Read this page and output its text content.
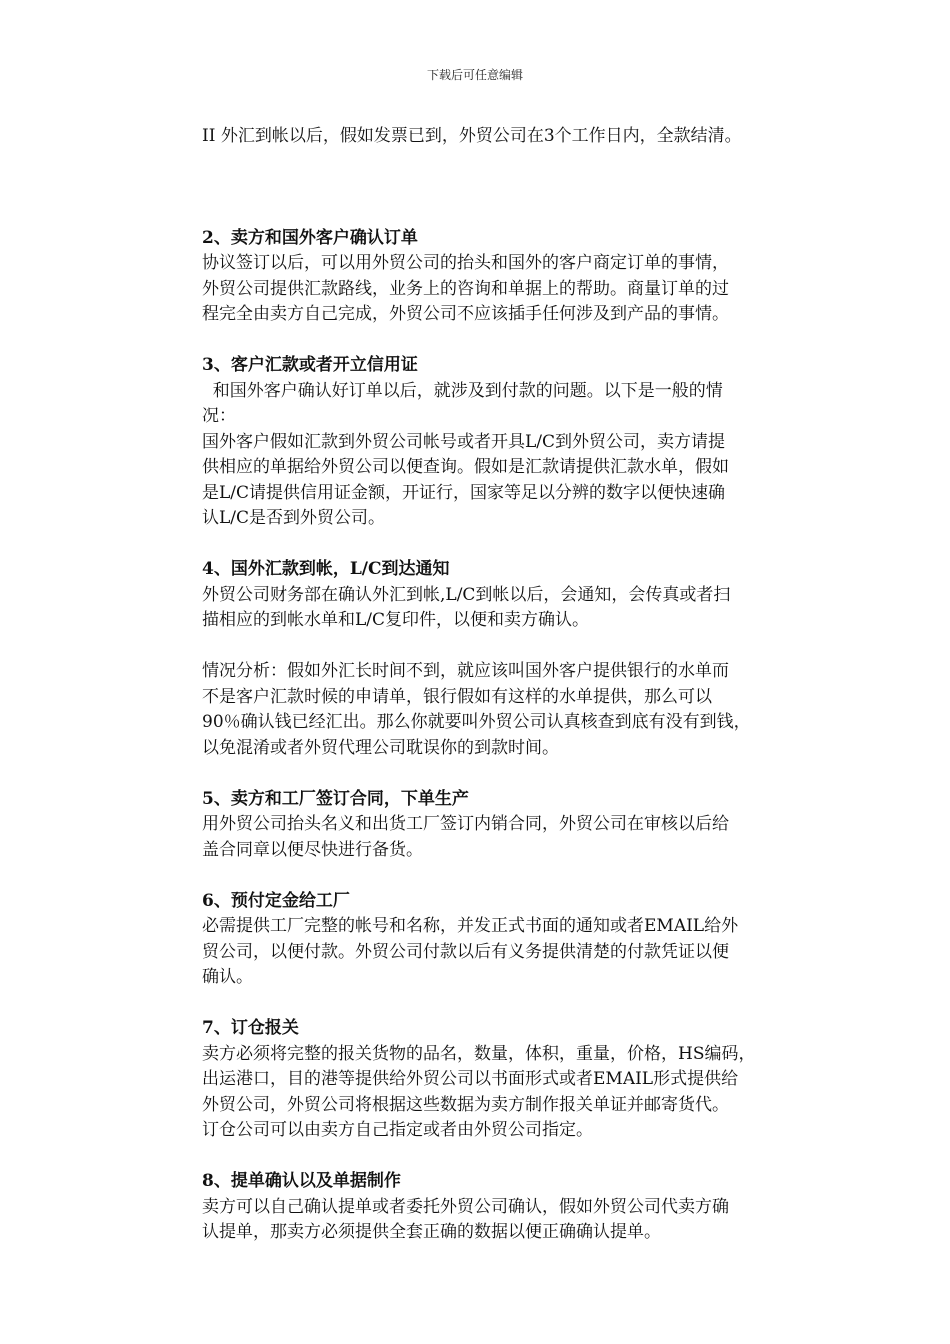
下载后可任意编辑
II 外汇到帐以后，假如发票已到，外贸公司在3个工作日内，全款结清。
2、卖方和国外客户确认订单
协议签订以后，可以用外贸公司的抬头和国外的客户商定订单的事情，
外贸公司提供汇款路线，业务上的咨询和单据上的帮助。商量订单的过
程完全由卖方自己完成，外贸公司不应该插手任何涉及到产品的事情。
3、客户汇款或者开立信用证
和国外客户确认好订单以后，就涉及到付款的问题。以下是一般的情
况：
国外客户假如汇款到外贸公司帐号或者开具L/C到外贸公司，卖方请提
供相应的单据给外贸公司以便查询。假如是汇款请提供汇款水单，假如
是L/C请提供信用证金额，开证行，国家等足以分辨的数字以便快速确
认L/C是否到外贸公司。
4、国外汇款到帐，L/C到达通知
外贸公司财务部在确认外汇到帐,L/C到帐以后，会通知，会传真或者扫
描相应的到帐水单和L/C复印件，以便和卖方确认。
情况分析：假如外汇长时间不到，就应该叫国外客户提供银行的水单而
不是客户汇款时候的申请单，银行假如有这样的水单提供，那么可以
90％确认钱已经汇出。那么你就要叫外贸公司认真核查到底有没有到钱，
以免混淆或者外贸代理公司耽误你的到款时间。
5、卖方和工厂签订合同，下单生产
用外贸公司抬头名义和出货工厂签订内销合同，外贸公司在审核以后给
盖合同章以便尽快进行备货。
6、预付定金给工厂
必需提供工厂完整的帐号和名称，并发正式书面的通知或者EMAIL给外
贸公司，以便付款。外贸公司付款以后有义务提供清楚的付款凭证以便
确认。
7、订仓报关
卖方必须将完整的报关货物的品名，数量，体积，重量，价格，HS编码，
出运港口，目的港等提供给外贸公司以书面形式或者EMAIL形式提供给
外贸公司，外贸公司将根据这些数据为卖方制作报关单证并邮寄货代。
订仓公司可以由卖方自己指定或者由外贸公司指定。
8、提单确认以及单据制作
卖方可以自己确认提单或者委托外贸公司确认，假如外贸公司代卖方确
认提单，那卖方必须提供全套正确的数据以便正确确认提单。
